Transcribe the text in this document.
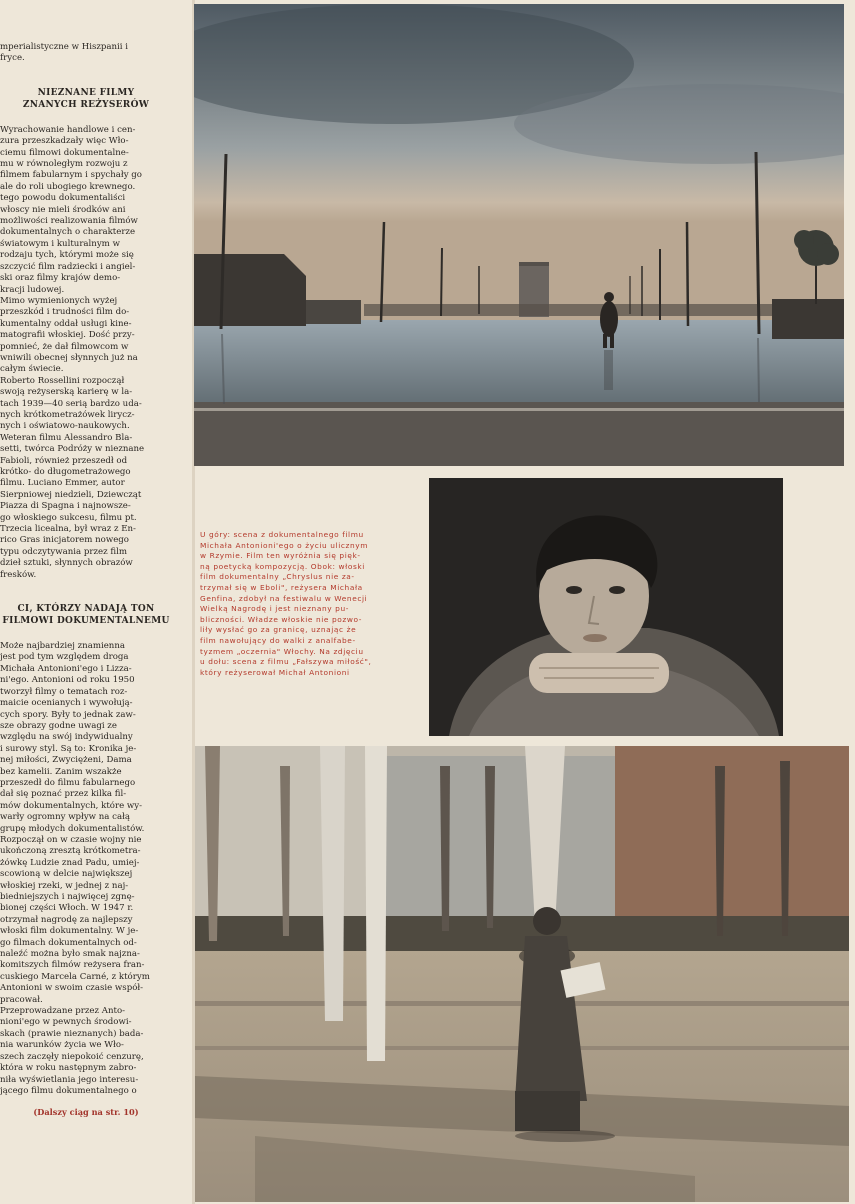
mperialistyczne w Hiszpanii i
fryce.

NIEZNANE FILMY
ZNANYCH REŻYSERÓW

Wyrachowanie handlowe i cen-
zura przeszkadzały więc Wło-
ciemu filmowi dokumentalne-
mu w równoległym rozwoju z
filmem fabularnym i spychały go
ale do roli ubogiego krewnego.
tego powodu dokumentaliści
włoscy nie mieli środków ani
możliwości realizowania filmów
dokumentalnych o charakterze
światowym i kulturalnym w
rodzaju tych, którymi może się
szczycić film radziecki i angiel-
ski oraz filmy krajów demo-
kracji ludowej.
Mimo wymienionych wyżej
przeszkód i trudności film do-
kumentalny oddał usługi kine-
matografii włoskiej. Dość przy-
pomnieć, że dał filmowcom w
wniwili obecnej słynnych już na
całym świecie.
Roberto Rossellini rozpoczął
swoją reżyserską karierę w la-
tach 1939—40 serią bardzo uda-
nych krótkometrażówek lirycz-
nych i oświatowo-naukowych.
Weteran filmu Alessandro Bla-
setti, twórca Podróży w nieznane
Fabioli, również przeszedł od
krótko- do długometrażowego
filmu. Luciano Emmer, autor
Sierpniowej niedzieli, Dziewcząt
Piazza di Spagna i najnowsze-
go włoskiego sukcesu, filmu pt.
Trzecia licealna, był wraz z En-
rico Gras inicjatorem nowego
typu odczytywania przez film
dzieł sztuki, słynnych obrazów
fresków.

CI, KTÓRZY NADAJĄ TON
FILMOWI DOKUMENTALNEMU

Może najbardziej znamienna
jest pod tym względem droga
Michała Antonioni'ego i Lizza-
ni'ego. Antonioni od roku 1950
tworzył filmy o tematach roz-
maicie ocenianych i wywołują-
cych spory. Były to jednak zaw-
sze obrazy godne uwagi ze
względu na swój indywidualny
i surowy styl. Są to: Kronika je-
nej miłości, Zwyciężeni, Dama
bez kamelii. Zanim wszakże
przeszedł do filmu fabularnego
dał się poznać przez kilka fil-
mów dokumentalnych, które wy-
warły ogromny wpływ na całą
grupę młodych dokumentalistów.
Rozpoczął on w czasie wojny nie
ukończoną zresztą krótkometra-
żówkę Ludzie znad Padu, umiej-
scowioną w delcie największej
włoskiej rzeki, w jednej z naj-
biedniejszych i najwięcej zgnę-
bionej części Włoch. W 1947 r.
otrzymał nagrodę za najlepszy
włoski film dokumentalny. W je-
go filmach dokumentalnych od-
naleźć można było smak najzna-
komitszych filmów reżysera fran-
cuskiego Marcela Carné, z którym
Antonioni w swoim czasie współ-
pracował.
Przeprowadzane przez Anto-
nioni'ego w pewnych środowi-
skach (prawie nieznanych) bada-
nia warunków życia we Wło-
szech zaczęły niepokoić cenzurę,
która w roku następnym zabro-
niła wyświetlania jego interesu-
jącego filmu dokumentalnego o

(Dalszy ciąg na str. 10)
U góry: scena z dokumentalnego filmu
Michała Antonioni'ego o życiu ulicznym
w Rzymie. Film ten wyróżnia się pięk-
ną poetycką kompozycją. Obok: włoski
film dokumentalny „Chryslus nie za-
trzymał się w Eboli", reżysera Michała
Genfina, zdobył na festiwalu w Wenecji
Wielką Nagrodę i jest nieznany pu-
bliczności. Władze włoskie nie pozwo-
liły wysłać go za granicę, uznając że
film nawołujący do walki z analfabe-
tyzmem „oczernia" Włochy. Na zdjęciu
u dołu: scena z filmu „Fałszywa miłość",
który reżyserował Michał Antonioni
